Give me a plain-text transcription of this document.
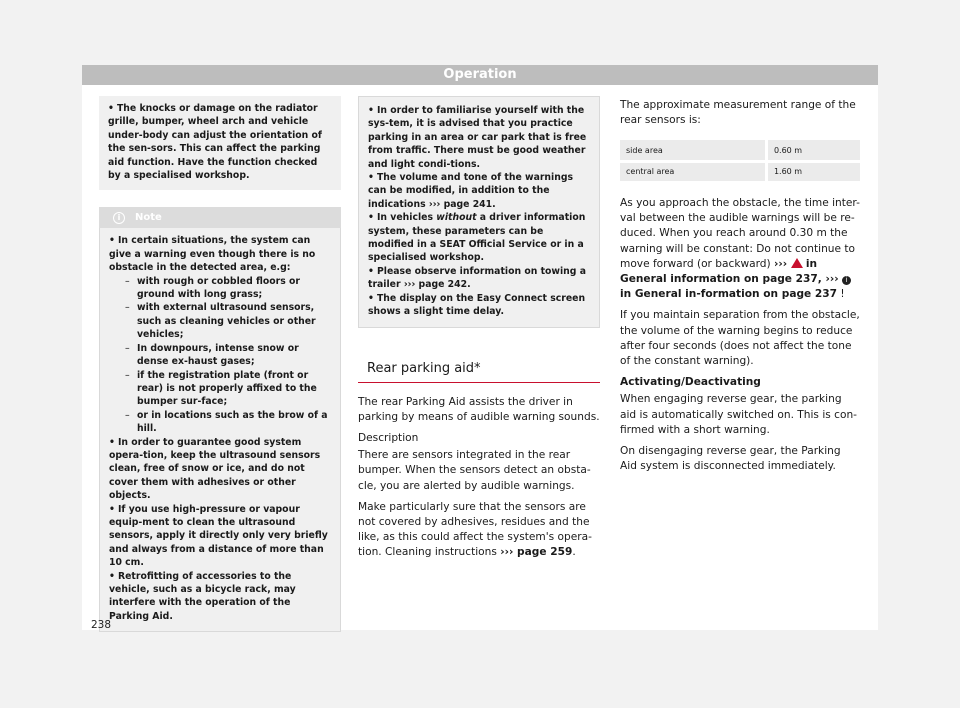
Operation

• The knocks or damage on the radiator grille, bumper, wheel arch and vehicle under-body can adjust the orientation of the sen-sors. This can affect the parking aid function. Have the function checked by a specialised workshop.

i	Note

• In certain situations, the system can give a warning even though there is no obstacle in the detected area, e.g:

– with rough or cobbled floors or ground with long grass;
– with external ultrasound sensors, such as cleaning vehicles or other vehicles;
– In downpours, intense snow or dense ex-haust gases;
– if the registration plate (front or rear) is not properly affixed to the bumper sur-face;
– or in locations such as the brow of a hill.

• In order to guarantee good system opera-tion, keep the ultrasound sensors clean, free of snow or ice, and do not cover them with adhesives or other objects.

• If you use high-pressure or vapour equip-ment to clean the ultrasound sensors, apply it directly only very briefly and always from a distance of more than 10 cm.

• Retrofitting of accessories to the vehicle, such as a bicycle rack, may interfere with the operation of the Parking Aid.

• In order to familiarise yourself with the sys-tem, it is advised that you practice parking in an area or car park that is free from traffic. There must be good weather and light condi-tions.

• The volume and tone of the warnings can be modified, in addition to the indications ››› page 241.

• In vehicles without a driver information system, these parameters can be modified in a SEAT Official Service or in a specialised workshop.

• Please observe information on towing a trailer ››› page 242.

• The display on the Easy Connect screen shows a slight time delay.

Rear parking aid*

The rear Parking Aid assists the driver in parking by means of audible warning sounds.

Description

There are sensors integrated in the rear bumper. When the sensors detect an obsta-cle, you are alerted by audible warnings.

Make particularly sure that the sensors are not covered by adhesives, residues and the like, as this could affect the system's opera-tion. Cleaning instructions ››› page 259.

The approximate measurement range of the rear sensors is:

side area	0.60 m
central area	1.60 m

As you approach the obstacle, the time inter-val between the audible warnings will be re-duced. When you reach around 0.30 m the warning will be constant: Do not continue to move forward (or backward) ››› in General information on page 237, ››› i in General in-formation on page 237 !

If you maintain separation from the obstacle, the volume of the warning begins to reduce after four seconds (does not affect the tone of the constant warning).

Activating/Deactivating

When engaging reverse gear, the parking aid is automatically switched on. This is con-firmed with a short warning.

On disengaging reverse gear, the Parking Aid system is disconnected immediately.

238
